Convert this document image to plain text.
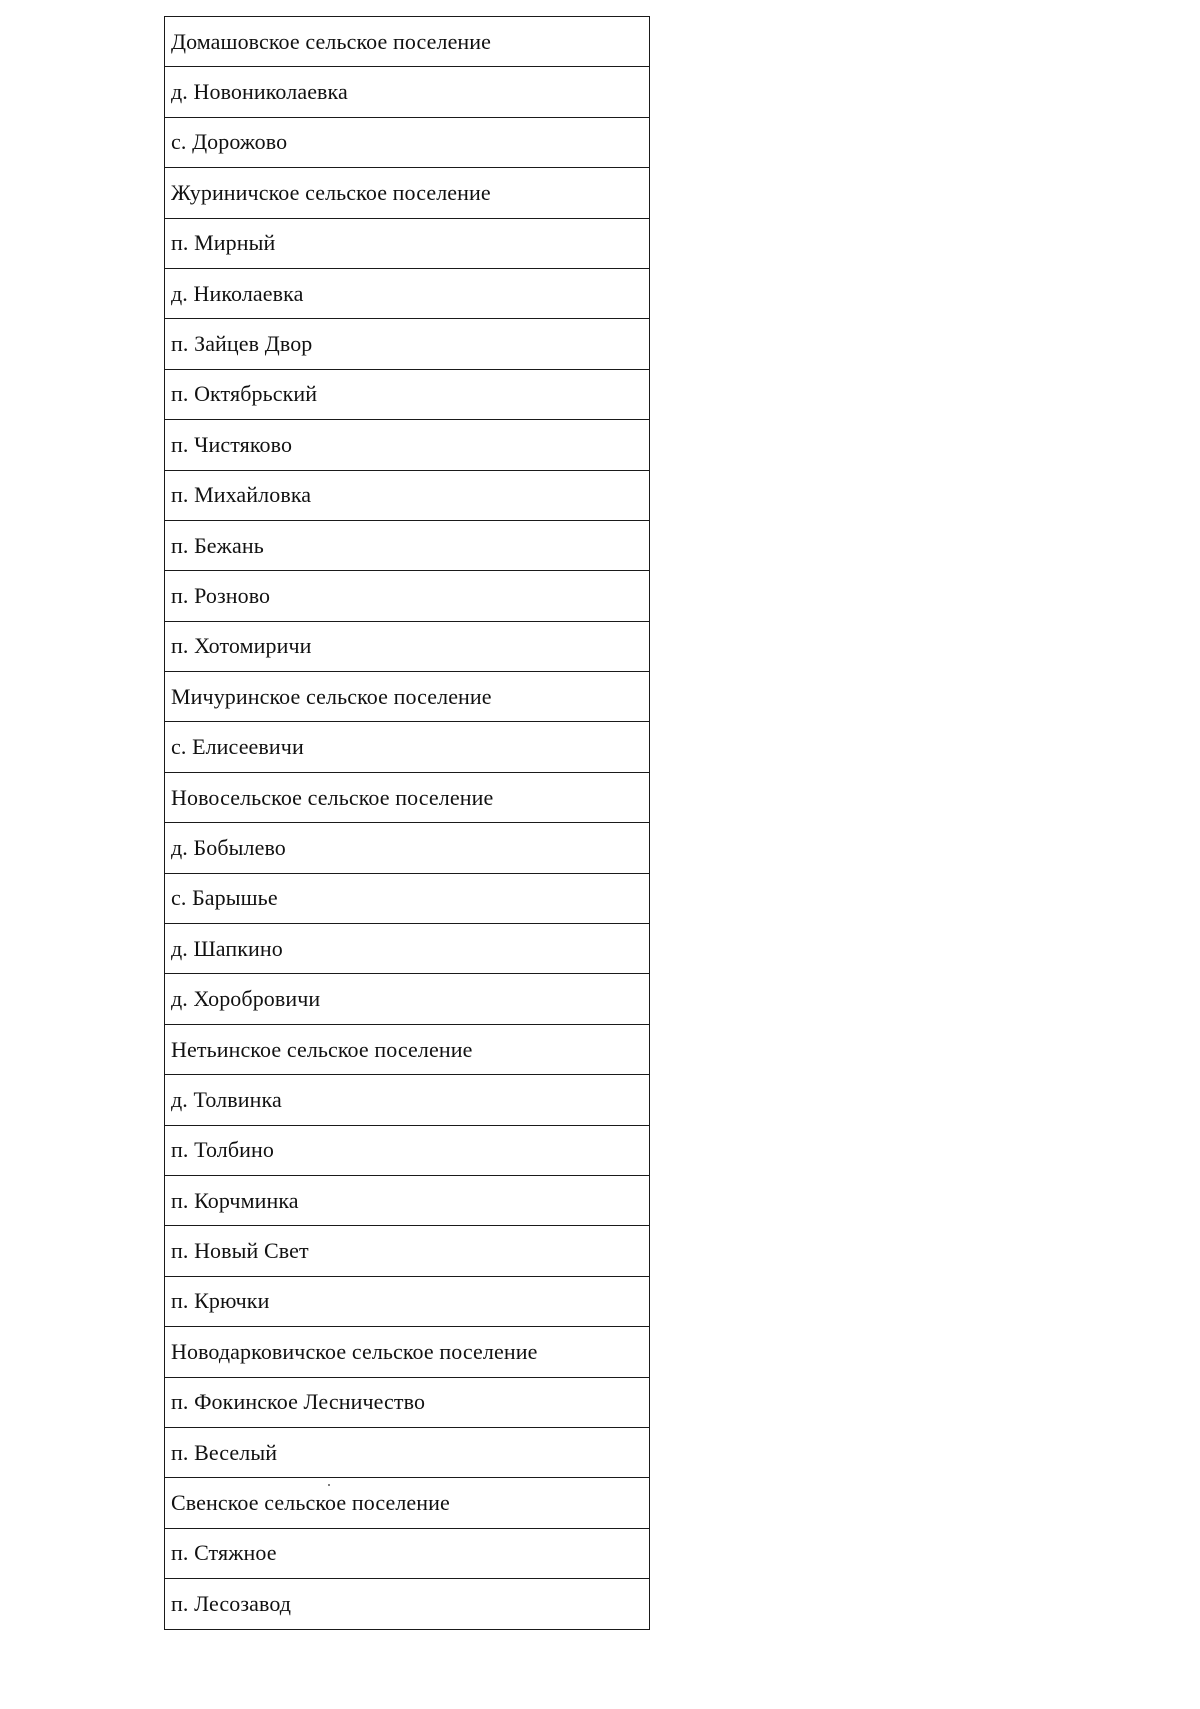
Домашовское сельское поселение
д. Новониколаевка
с. Дорожово
Журиничское сельское поселение
п. Мирный
д. Николаевка
п. Зайцев Двор
п. Октябрьский
п. Чистяково
п. Михайловка
п. Бежань
п. Розново
п. Хотомиричи
Мичуринское сельское поселение
с. Елисеевичи
Новосельское сельское поселение
д. Бобылево
с. Барышье
д. Шапкино
д. Хоробровичи
Нетьинское сельское поселение
д. Толвинка
п. Толбино
п. Корчминка
п. Новый Свет
п. Крючки
Новодарковичское сельское поселение
п. Фокинское Лесничество
п. Веселый
Свенское сельское поселение
п. Стяжное
п. Лесозавод
